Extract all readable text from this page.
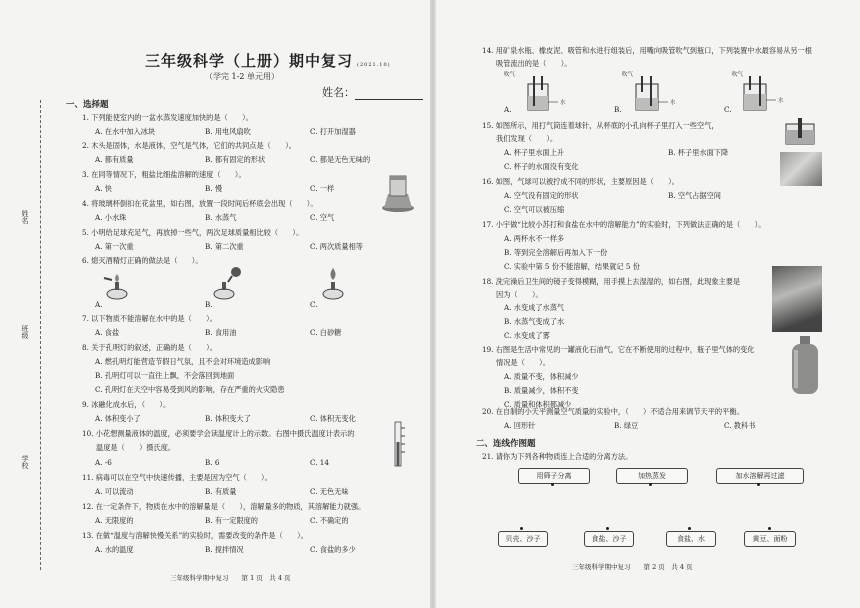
三年级科学（上册）期中复习 (2021.10)
（学完 1-2 单元用）
姓名：
姓名
班级
学校
一、选择题
1. 下列能使室内的一盆水蒸发速度加快的是（　　）。
A. 在水中加入冰块	B. 用电风扇吹	C. 打开加湿器
2. 木头是固体，水是液体，空气是气体，它们的共同点是（　　）。
A. 都有质量	B. 都有固定的形状	C. 都是无色无味的
3. 在同等情况下，粗盐比细盐溶解的速度（　　）。
A. 快	B. 慢	C. 一样
4. 将玻璃杯倒扣在花盆里，如右图，放置一段时间后杯底会出现（　　）。
A. 小水珠	B. 水蒸气	C. 空气
5. 小明给足球充足气，再放掉一些气，两次足球质量相比较（　　）。
A. 第一次重	B. 第二次重	C. 两次质量相等
6. 熄灭酒精灯正确的做法是（　　）。
A.	B.	C.
7. 以下物质不能溶解在水中的是（　　）。
A. 食盐	B. 食用油	C. 白砂糖
8. 关于孔明灯的叙述，正确的是（　　）。
A. 燃孔明灯能营造节假日气氛，且不会对环境造成影响
B. 孔明灯可以一直往上飘，不会落回到地面
C. 孔明灯在天空中容易受到风的影响，存在严重的火灾隐患
9. 冰融化成水后，（　　）。
A. 体积变小了	B. 体积变大了	C. 体积无变化
10. 小花想测量液体的温度，必须要学会读温度计上的示数。右图中摄氏温度计表示的
温度是（　　）摄氏度。
A. -6	B. 6	C. 14
11. 病毒可以在空气中快速传播，主要是因为空气（　　）。
A. 可以流动	B. 有质量	C. 无色无味
12. 在一定条件下，物质在水中的溶解量是（　　），溶解量多的物质，其溶解能力就强。
A. 无限度的	B. 有一定限度的	C. 不确定的
13. 在做“温度与溶解快慢关系”的实验时，需要改变的条件是（　　）。
A. 水的温度	B. 搅拌情况	C. 食盐的多少
三年级科学期中复习　　 第 1 页　 共 4 页
14. 用矿泉水瓶、橡皮泥、吸管和水进行组装后，用嘴向吸管吹气到瓶口，下列装置中水最容易从另一根
吸管流出的是（　　）。
吹气
水
吹气
水
吹气
水
A.	B.	C.
15. 如图所示，用打气筒连着球针，从杯底的小孔向杯子里打入一些空气，
我们发现（　　）。
A. 杯子里水面上升	B. 杯子里水面下降
C. 杯子的水面没有变化
16. 如图，气球可以被拧成不同的形状，主要原因是（　　）。
A. 空气没有固定的形状	B. 空气占据空间
C. 空气可以被压缩
17. 小宇做“比较小苏打和食盐在水中的溶解能力”的实验时，下列做法正确的是（　　）。
A. 两杯水不一样多
B. 等到完全溶解后再加入下一份
C. 实验中第 5 份不能溶解，结果就记 5 份
18. 洗完澡后卫生间的镜子变得模糊，用手摸上去湿湿的，如右图，此现象主要是
因为（　　）。
A. 水变成了水蒸气
B. 水蒸气变成了水
C. 水变成了雾
19. 右图是生活中常见的一罐液化石油气，它在不断使用的过程中，瓶子里气体的变化
情况是（　　）。
A. 质量不变，体积减少
B. 质量减少，体积不变
C. 质量和体积都减少
20. 在自制的小天平测量空气质量的实验中，（　　）不适合用来调节天平的平衡。
A. 回形针	B. 绿豆	C. 教科书
二、连线作图题
21. 请你为下列各种物质连上合适的分离方法。
用筛子分离	加热蒸发	加水溶解再过滤
贝壳、沙子	食盐、沙子	食盐、水	黄豆、面粉
三年级科学期中复习　　 第 2 页　 共 4 页
